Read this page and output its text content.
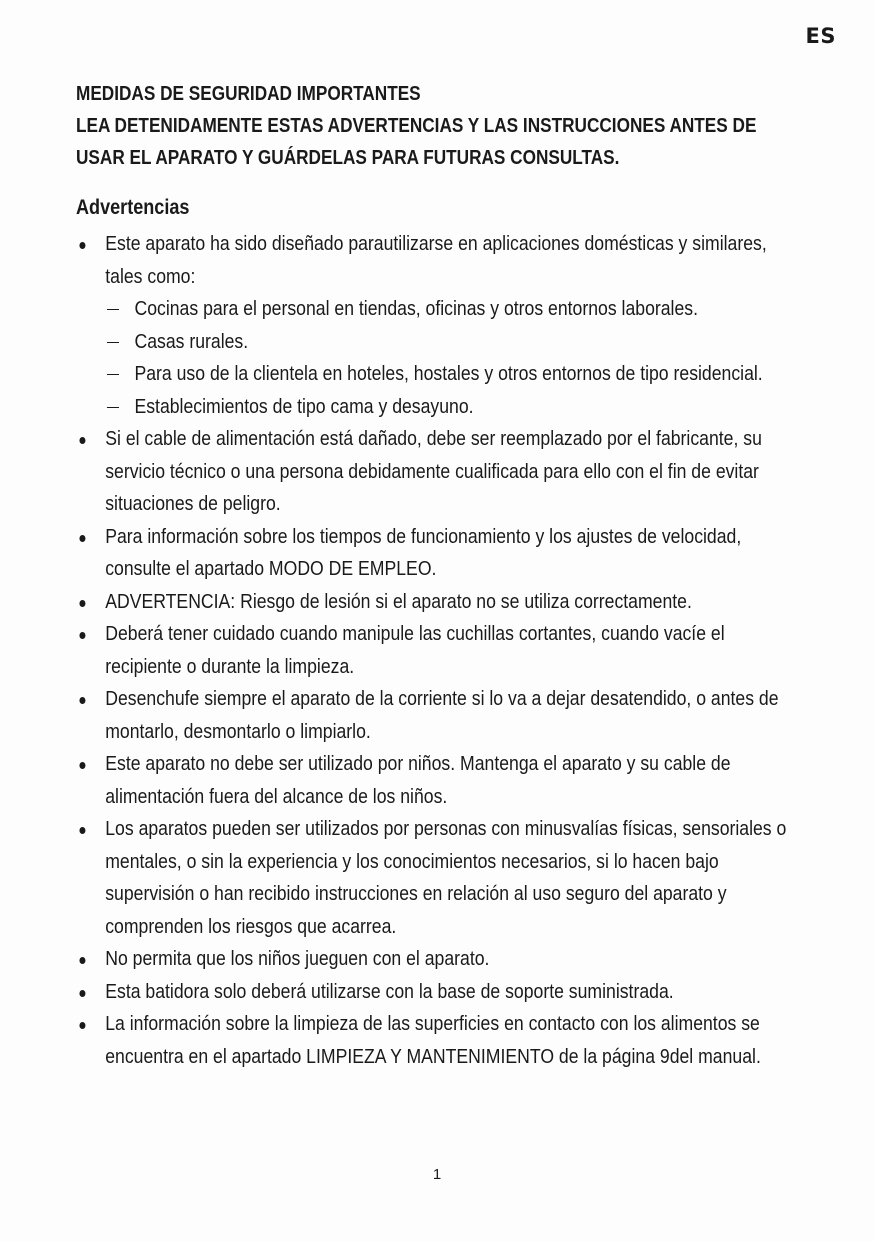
ES
MEDIDAS DE SEGURIDAD IMPORTANTES
LEA DETENIDAMENTE ESTAS ADVERTENCIAS Y LAS INSTRUCCIONES ANTES DE
USAR EL APARATO Y GUÁRDELAS PARA FUTURAS CONSULTAS.
Advertencias
Este aparato ha sido diseñado parautilizarse en aplicaciones domésticas y similares,
tales como:
Cocinas para el personal en tiendas, oficinas y otros entornos laborales.
Casas rurales.
Para uso de la clientela en hoteles, hostales y otros entornos de tipo residencial.
Establecimientos de tipo cama y desayuno.
Si el cable de alimentación está dañado, debe ser reemplazado por el fabricante, su
servicio técnico o una persona debidamente cualificada para ello con el fin de evitar
situaciones de peligro.
Para información sobre los tiempos de funcionamiento y los ajustes de velocidad,
consulte el apartado MODO DE EMPLEO.
ADVERTENCIA: Riesgo de lesión si el aparato no se utiliza correctamente.
Deberá tener cuidado cuando manipule las cuchillas cortantes, cuando vacíe el
recipiente o durante la limpieza.
Desenchufe siempre el aparato de la corriente si lo va a dejar desatendido, o antes de
montarlo, desmontarlo o limpiarlo.
Este aparato no debe ser utilizado por niños. Mantenga el aparato y su cable de
alimentación fuera del alcance de los niños.
Los aparatos pueden ser utilizados por personas con minusvalías físicas, sensoriales o
mentales, o sin la experiencia y los conocimientos necesarios, si lo hacen bajo
supervisión o han recibido instrucciones en relación al uso seguro del aparato y
comprenden los riesgos que acarrea.
No permita que los niños jueguen con el aparato.
Esta batidora solo deberá utilizarse con la base de soporte suministrada.
La información sobre la limpieza de las superficies en contacto con los alimentos se
encuentra en el apartado LIMPIEZA Y MANTENIMIENTO de la página 9del manual.
1
